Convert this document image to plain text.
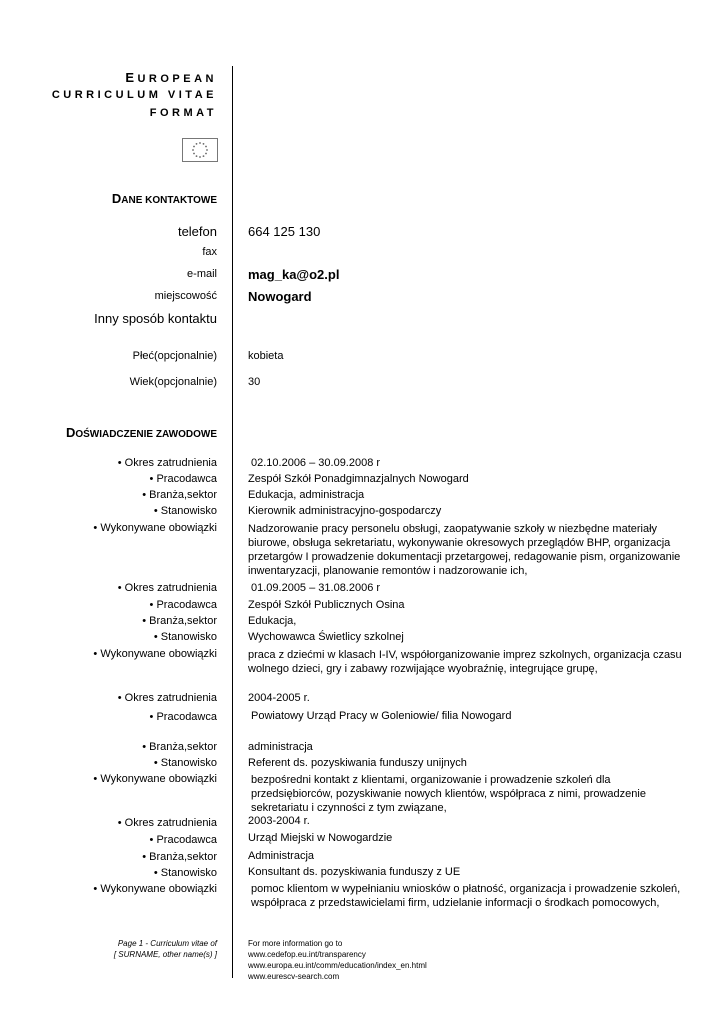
EUROPEAN
CURRICULUM VITAE
FORMAT
DANE KONTAKTOWE
telefon 664 125 130
fax
e-mail mag_ka@o2.pl
miejscowość Nowogard
Inny sposób kontaktu
Płeć(opcjonalnie)	kobieta
Wiek(opcjonalnie)	30
DOŚWIADCZENIE ZAWODOWE
• Okres zatrudnienia	02.10.2006 – 30.09.2008 r
• Pracodawca	Zespół Szkół Ponadgimnazjalnych Nowogard
• Branża,sektor	Edukacja, administracja
• Stanowisko	Kierownik administracyjno-gospodarczy
• Wykonywane obowiązki	Nadzorowanie pracy personelu obsługi, zaopatywanie szkoły w niezbędne materiały biurowe, obsługa sekretariatu, wykonywanie okresowych przeglądów BHP, organizacja przetargów I prowadzenie dokumentacji przetargowej, redagowanie pism, organizowanie inwentaryzacji, planowanie remontów i nadzorowanie ich,
• Okres zatrudnienia	01.09.2005 – 31.08.2006 r
• Pracodawca	Zespół Szkół Publicznych Osina
• Branża,sektor	Edukacja,
• Stanowisko	Wychowawca Świetlicy szkolnej
• Wykonywane obowiązki	praca z dziećmi w klasach I-IV, współorganizowanie imprez szkolnych, organizacja czasu wolnego dzieci, gry i zabawy rozwijające wyobraźnię, integrujące grupę,
• Okres zatrudnienia	2004-2005 r.
• Pracodawca	Powiatowy Urząd Pracy w Goleniowie/ filia Nowogard
• Branża,sektor	administracja
• Stanowisko	Referent ds. pozyskiwania funduszy unijnych
• Wykonywane obowiązki	bezpośredni kontakt z klientami, organizowanie i prowadzenie szkoleń dla przedsiębiorców, pozyskiwanie nowych klientów, współpraca z nimi, prowadzenie sekretariatu i czynności z tym związane,
• Okres zatrudnienia	2003-2004 r.
• Pracodawca	Urząd Miejski w Nowogardzie
• Branża,sektor	Administracja
• Stanowisko	Konsultant ds. pozyskiwania funduszy z UE
• Wykonywane obowiązki	pomoc klientom w wypełnianiu wniosków o płatność, organizacja i prowadzenie szkoleń, współpraca z przedstawicielami firm, udzielanie informacji o środkach pomocowych,
Page 1 - Curriculum vitae of
[ SURNAME, other name(s) ]
For more information go to
www.cedefop.eu.int/transparency
www.europa.eu.int/comm/education/index_en.html
www.eurescv-search.com
